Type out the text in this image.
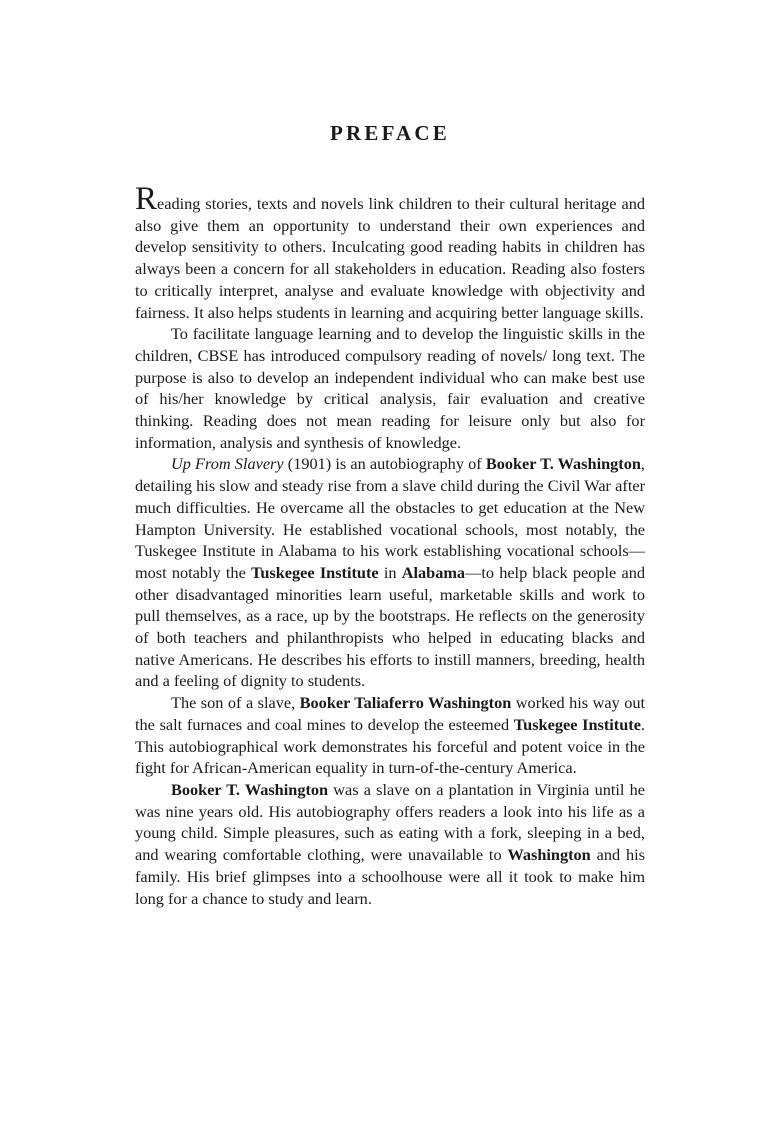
PREFACE

Reading stories, texts and novels link children to their cultural heritage and also give them an opportunity to understand their own experiences and develop sensitivity to others. Inculcating good reading habits in children has always been a concern for all stakeholders in education. Reading also fosters to critically interpret, analyse and evaluate knowledge with objectivity and fairness. It also helps students in learning and acquiring better language skills.

To facilitate language learning and to develop the linguistic skills in the children, CBSE has introduced compulsory reading of novels/ long text. The purpose is also to develop an independent individual who can make best use of his/her knowledge by critical analysis, fair evaluation and creative thinking. Reading does not mean reading for leisure only but also for information, analysis and synthesis of knowledge.

Up From Slavery (1901) is an autobiography of Booker T. Washington, detailing his slow and steady rise from a slave child during the Civil War after much difficulties. He overcame all the obstacles to get education at the New Hampton University. He established vocational schools, most notably, the Tuskegee Institute in Alabama to his work establishing vocational schools—most notably the Tuskegee Institute in Alabama—to help black people and other disadvantaged minorities learn useful, marketable skills and work to pull themselves, as a race, up by the bootstraps. He reflects on the generosity of both teachers and philanthropists who helped in educating blacks and native Americans. He describes his efforts to instill manners, breeding, health and a feeling of dignity to students.

The son of a slave, Booker Taliaferro Washington worked his way out the salt furnaces and coal mines to develop the esteemed Tuskegee Institute. This autobiographical work demonstrates his forceful and potent voice in the fight for African-American equality in turn-of-the-century America.

Booker T. Washington was a slave on a plantation in Virginia until he was nine years old. His autobiography offers readers a look into his life as a young child. Simple pleasures, such as eating with a fork, sleeping in a bed, and wearing comfortable clothing, were unavailable to Washington and his family. His brief glimpses into a schoolhouse were all it took to make him long for a chance to study and learn.
